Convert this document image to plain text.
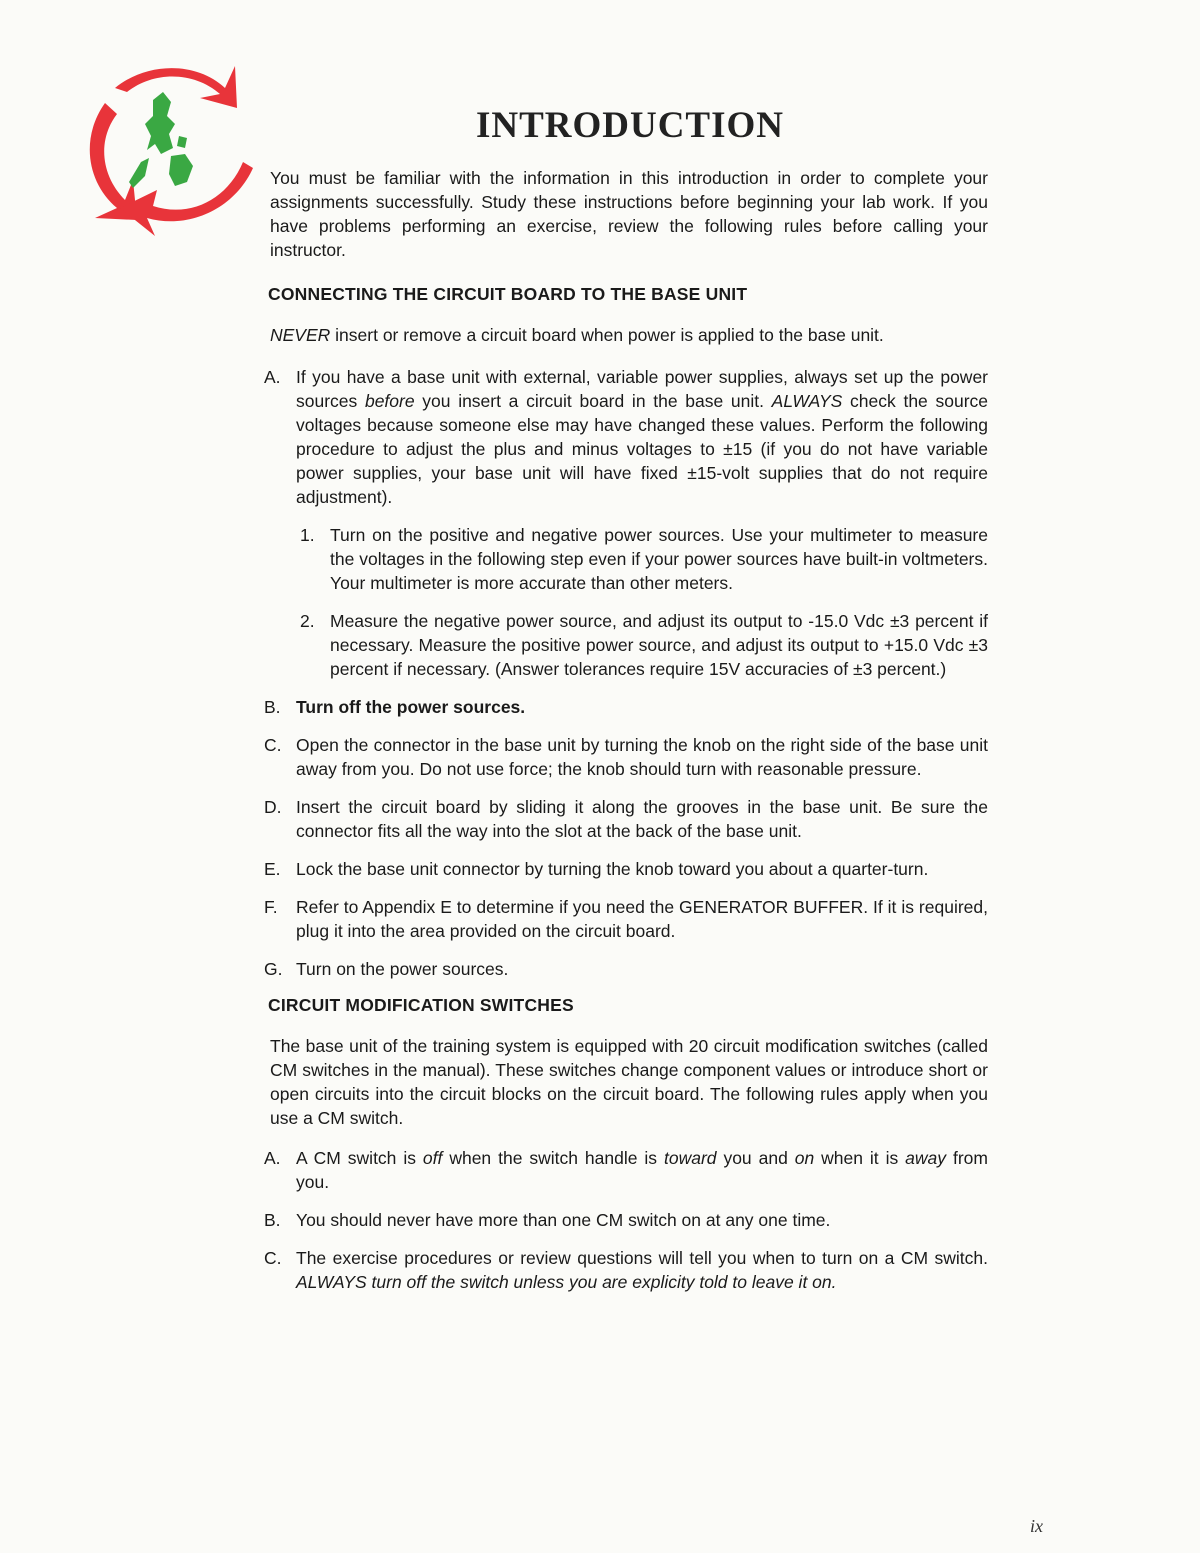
INTRODUCTION

You must be familiar with the information in this introduction in order to complete your assignments successfully. Study these instructions before beginning your lab work. If you have problems performing an exercise, review the following rules before calling your instructor.

CONNECTING THE CIRCUIT BOARD TO THE BASE UNIT

NEVER insert or remove a circuit board when power is applied to the base unit.

A. If you have a base unit with external, variable power supplies, always set up the power sources before you insert a circuit board in the base unit. ALWAYS check the source voltages because someone else may have changed these values. Perform the following procedure to adjust the plus and minus voltages to ±15 (if you do not have variable power supplies, your base unit will have fixed ±15-volt supplies that do not require adjustment).
1. Turn on the positive and negative power sources. Use your multimeter to measure the voltages in the following step even if your power sources have built-in voltmeters. Your multimeter is more accurate than other meters.
2. Measure the negative power source, and adjust its output to -15.0 Vdc ±3 percent if necessary. Measure the positive power source, and adjust its output to +15.0 Vdc ±3 percent if necessary. (Answer tolerances require 15V accuracies of ±3 percent.)
B. Turn off the power sources.
C. Open the connector in the base unit by turning the knob on the right side of the base unit away from you. Do not use force; the knob should turn with reasonable pressure.
D. Insert the circuit board by sliding it along the grooves in the base unit. Be sure the connector fits all the way into the slot at the back of the base unit.
E. Lock the base unit connector by turning the knob toward you about a quarter-turn.
F.	Refer to Appendix E to determine if you need the GENERATOR BUFFER. If it is required, plug it into the area provided on the circuit board.
G. Turn on the power sources.
CIRCUIT MODIFICATION SWITCHES

The base unit of the training system is equipped with 20 circuit modification switches (called CM switches in the manual). These switches change component values or introduce short or open circuits into the circuit blocks on the circuit board. The following rules apply when you use a CM switch.

A. A CM switch is off when the switch handle is toward you and on when it is away from you.
B. You should never have more than one CM switch on at any one time.
C. The exercise procedures or review questions will tell you when to turn on a CM switch. ALWAYS turn off the switch unless you are explicity told to leave it on.
ix
